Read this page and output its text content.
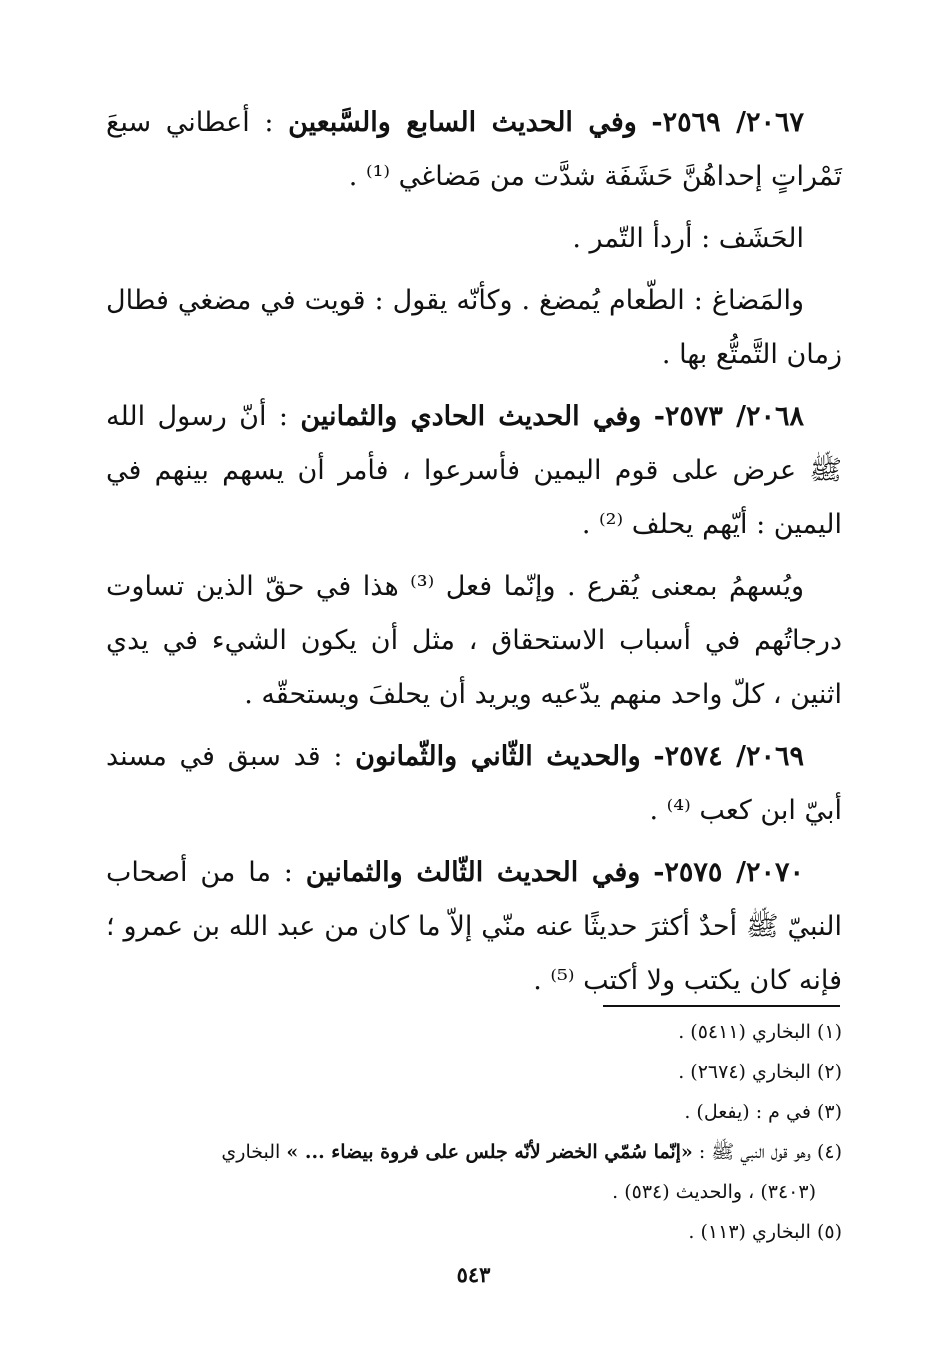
٢٠٦٧/ ٢٥٦٩- وفي الحديث السابع والسَّبعين : أعطاني سبعَ تَمْراتٍ إحداهُنَّ حَشَفَة شدَّت من مَضاغي ⁽¹⁾ .

الحَشَف : أردأ التّمر .

والمَضاغ : الطّعام يُمضغ . وكأنّه يقول : قويت في مضغي فطال زمان التَّمتُّع بها .

٢٠٦٨/ ٢٥٧٣- وفي الحديث الحادي والثمانين : أنّ رسول الله ﷺ عرض على قوم اليمين فأسرعوا ، فأمر أن يسهم بينهم في اليمين : أيّهم يحلف ⁽²⁾ .

ويُسهمُ بمعنى يُقرع . وإنّما فعل ⁽³⁾ هذا في حقّ الذين تساوت درجاتُهم في أسباب الاستحقاق ، مثل أن يكون الشيء في يدي اثنين ، كلّ واحد منهم يدّعيه ويريد أن يحلفَ ويستحقّه .

٢٠٦٩/ ٢٥٧٤- والحديث الثّاني والثّمانون : قد سبق في مسند أبيّ ابن كعب ⁽⁴⁾ .

٢٠٧٠/ ٢٥٧٥- وفي الحديث الثّالث والثمانين : ما من أصحاب النبيّ ﷺ أحدٌ أكثرَ حديثًا عنه منّي إلاّ ما كان من عبد الله بن عمرو ؛ فإنه كان يكتب ولا أكتب ⁽⁵⁾ .

(١) البخاري (٥٤١١) .

(٢) البخاري (٢٦٧٤) .

(٣) في م : (يفعل) .

(٤) وهو قول النبي ﷺ : «إنّما سُمّي الخضر لأنّه جلس على فروة بيضاء ... » البخاري
(٣٤٠٣) ، والحديث (٥٣٤) .

(٥) البخاري (١١٣) .

٥٤٣
